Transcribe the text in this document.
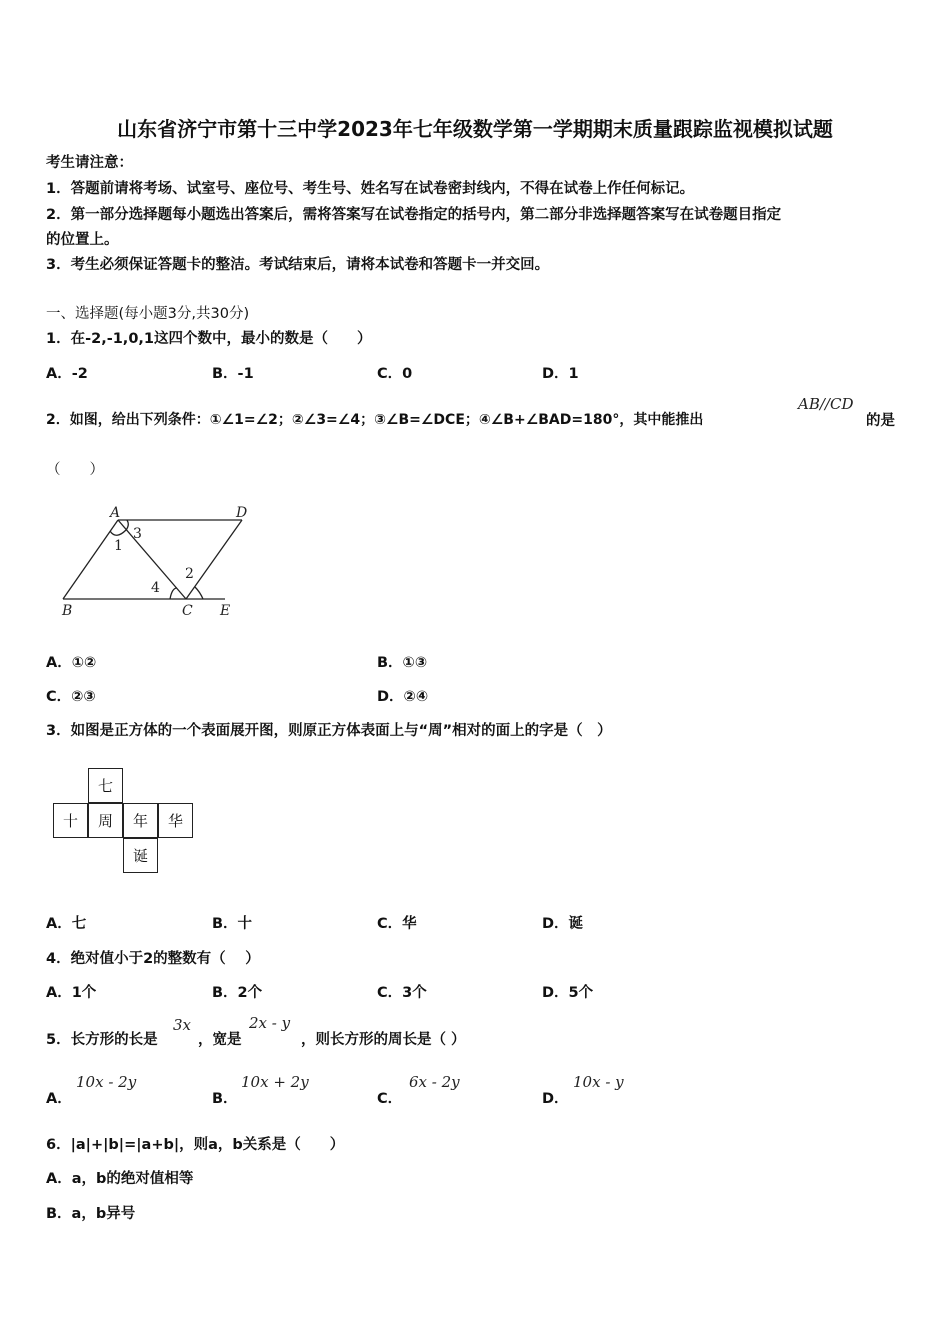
山东省济宁市第十三中学2023年七年级数学第一学期期末质量跟踪监视模拟试题
考生请注意：
1．答题前请将考场、试室号、座位号、考生号、姓名写在试卷密封线内，不得在试卷上作任何标记。
2．第一部分选择题每小题选出答案后，需将答案写在试卷指定的括号内，第二部分非选择题答案写在试卷题目指定
的位置上。
3．考生必须保证答题卡的整洁。考试结束后，请将本试卷和答题卡一并交回。
一、选择题(每小题3分,共30分)
1．在-2,-1,0,1这四个数中，最小的数是（　　）
A．-2	B．-1	C．0	D．1
2．如图，给出下列条件：①∠1=∠2；②∠3=∠4；③∠B=∠DCE；④∠B+∠BAD=180°，其中能推出
AB//CD
的是
（　　）
A	D
B	C E
1
3
4
2
A．①②	B．①③
C．②③	D．②④
3．如图是正方体的一个表面展开图，则原正方体表面上与“周”相对的面上的字是（　）
七
十	周	年	华
诞
A．七	B．十	C．华	D．诞
4．绝对值小于2的整数有（　 ）
A．1个	B．2个	C．3个	D．5个
5．长方形的长是
3x
，宽是
2x - y
，则长方形的周长是（ ）
A．
10x - 2y
B．
10x + 2y
C．
6x - 2y
D．
10x - y
6．|a|+|b|=|a+b|，则a，b关系是（　　）
A．a，b的绝对值相等
B．a，b异号
